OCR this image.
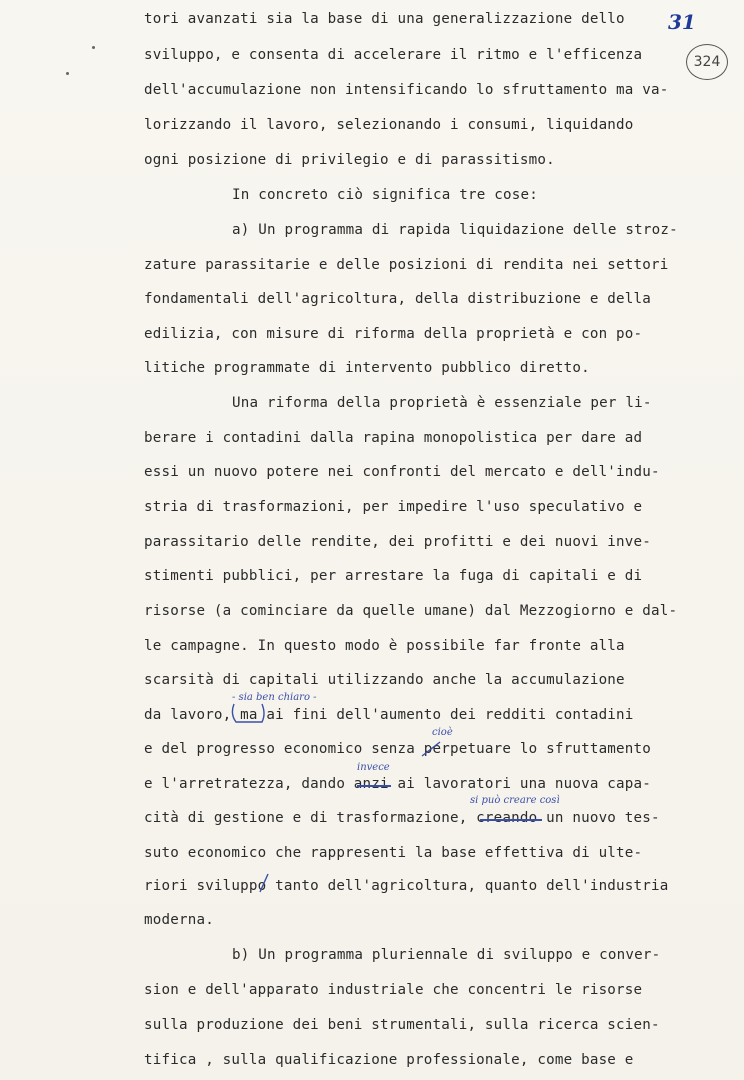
31
324
tori avanzati sia la base di una generalizzazione dello
sviluppo, e consenta di accelerare il ritmo e l'efficenza
dell'accumulazione non intensificando lo sfruttamento ma va-
lorizzando il lavoro, selezionando i consumi, liquidando
ogni posizione di privilegio e di parassitismo.
In concreto ciò significa tre cose:
a) Un programma di rapida liquidazione delle stroz-
zature parassitarie e delle posizioni di rendita nei settori
fondamentali dell'agricoltura, della distribuzione e della
edilizia, con misure di riforma della proprietà e con po-
litiche programmate di intervento pubblico diretto.
Una riforma della proprietà è essenziale per li-
berare i contadini dalla rapina monopolistica per dare ad
essi un nuovo potere nei confronti del mercato e dell'indu-
stria di trasformazioni, per impedire l'uso speculativo e
parassitario delle rendite, dei profitti e dei nuovi inve-
stimenti pubblici, per arrestare la fuga di capitali e di
risorse (a cominciare da quelle umane) dal Mezzogiorno e dal-
le campagne. In questo modo è possibile far fronte alla
scarsità di capitali utilizzando anche la accumulazione
da lavoro, ma ai fini dell'aumento dei redditi contadini
e del progresso economico senza perpetuare lo sfruttamento
e l'arretratezza, dando anzi ai lavoratori una nuova capa-
cità di gestione e di trasformazione, creando un nuovo tes-
suto economico che rappresenti la base effettiva di ulte-
riori sviluppo tanto dell'agricoltura, quanto dell'industria
moderna.
b) Un programma pluriennale di sviluppo e conver-
sion e dell'apparato industriale che concentri le risorse
sulla produzione dei beni strumentali, sulla ricerca scien-
tifica , sulla qualificazione professionale, come base e
- sia ben chiaro -
cioè
invece
si può creare così
